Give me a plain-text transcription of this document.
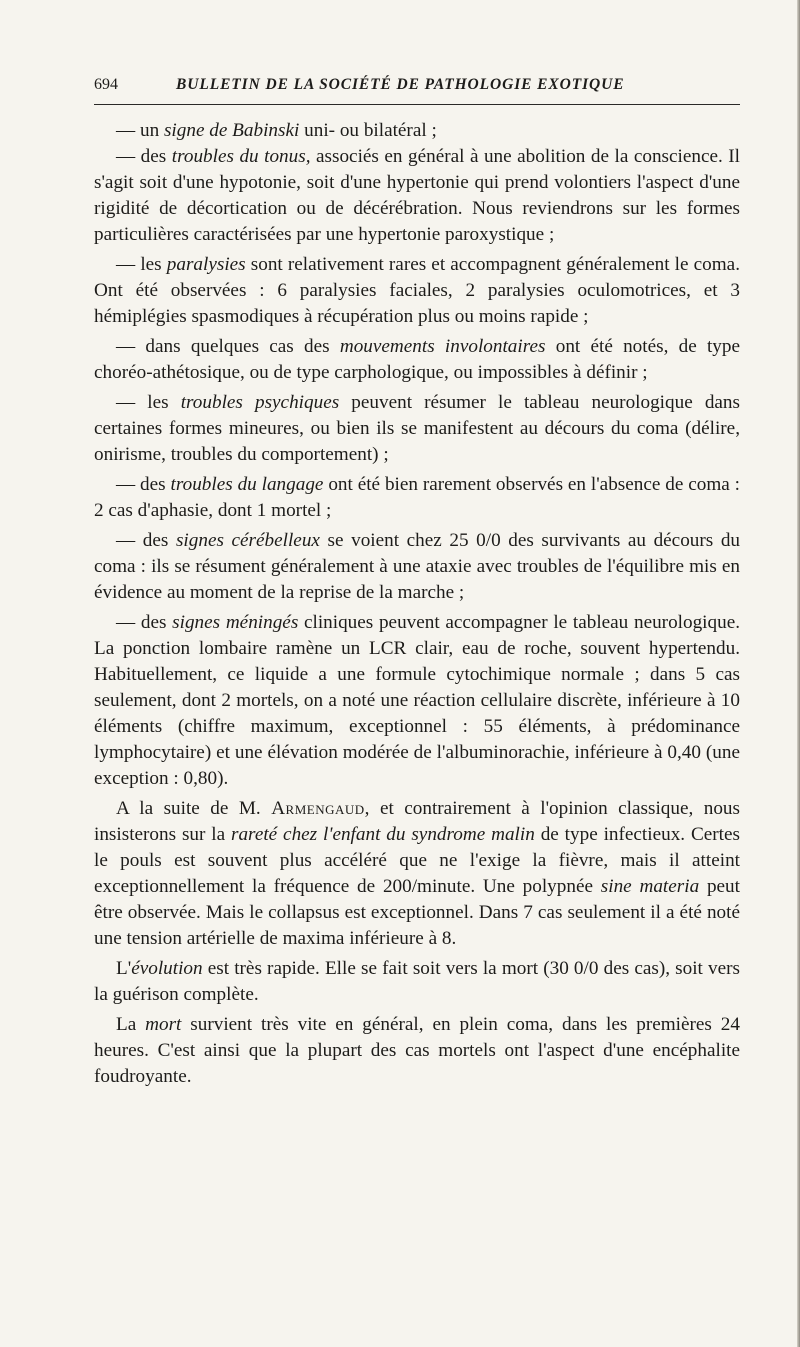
694	BULLETIN DE LA SOCIÉTÉ DE PATHOLOGIE EXOTIQUE

— un signe de Babinski uni- ou bilatéral ;

— des troubles du tonus, associés en général à une abolition de la conscience. Il s'agit soit d'une hypotonie, soit d'une hypertonie qui prend volontiers l'aspect d'une rigidité de décortication ou de décérébration. Nous reviendrons sur les formes particulières caractérisées par une hypertonie paroxystique ;

— les paralysies sont relativement rares et accompagnent généralement le coma. Ont été observées : 6 paralysies faciales, 2 paralysies oculomotrices, et 3 hémiplégies spasmodiques à récupération plus ou moins rapide ;

— dans quelques cas des mouvements involontaires ont été notés, de type choréo-athétosique, ou de type carphologique, ou impossibles à définir ;

— les troubles psychiques peuvent résumer le tableau neurologique dans certaines formes mineures, ou bien ils se manifestent au décours du coma (délire, onirisme, troubles du comportement) ;

— des troubles du langage ont été bien rarement observés en l'absence de coma : 2 cas d'aphasie, dont 1 mortel ;

— des signes cérébelleux se voient chez 25 0/0 des survivants au décours du coma : ils se résument généralement à une ataxie avec troubles de l'équilibre mis en évidence au moment de la reprise de la marche ;

— des signes méningés cliniques peuvent accompagner le tableau neurologique. La ponction lombaire ramène un LCR clair, eau de roche, souvent hypertendu. Habituellement, ce liquide a une formule cytochimique normale ; dans 5 cas seulement, dont 2 mortels, on a noté une réaction cellulaire discrète, inférieure à 10 éléments (chiffre maximum, exceptionnel : 55 éléments, à prédominance lymphocytaire) et une élévation modérée de l'albuminorachie, inférieure à 0,40 (une exception : 0,80).

A la suite de M. Armengaud, et contrairement à l'opinion classique, nous insisterons sur la rareté chez l'enfant du syndrome malin de type infectieux. Certes le pouls est souvent plus accéléré que ne l'exige la fièvre, mais il atteint exceptionnellement la fréquence de 200/minute. Une polypnée sine materia peut être observée. Mais le collapsus est exceptionnel. Dans 7 cas seulement il a été noté une tension artérielle de maxima inférieure à 8.

L'évolution est très rapide. Elle se fait soit vers la mort (30 0/0 des cas), soit vers la guérison complète.

La mort survient très vite en général, en plein coma, dans les premières 24 heures. C'est ainsi que la plupart des cas mortels ont l'aspect d'une encéphalite foudroyante.
